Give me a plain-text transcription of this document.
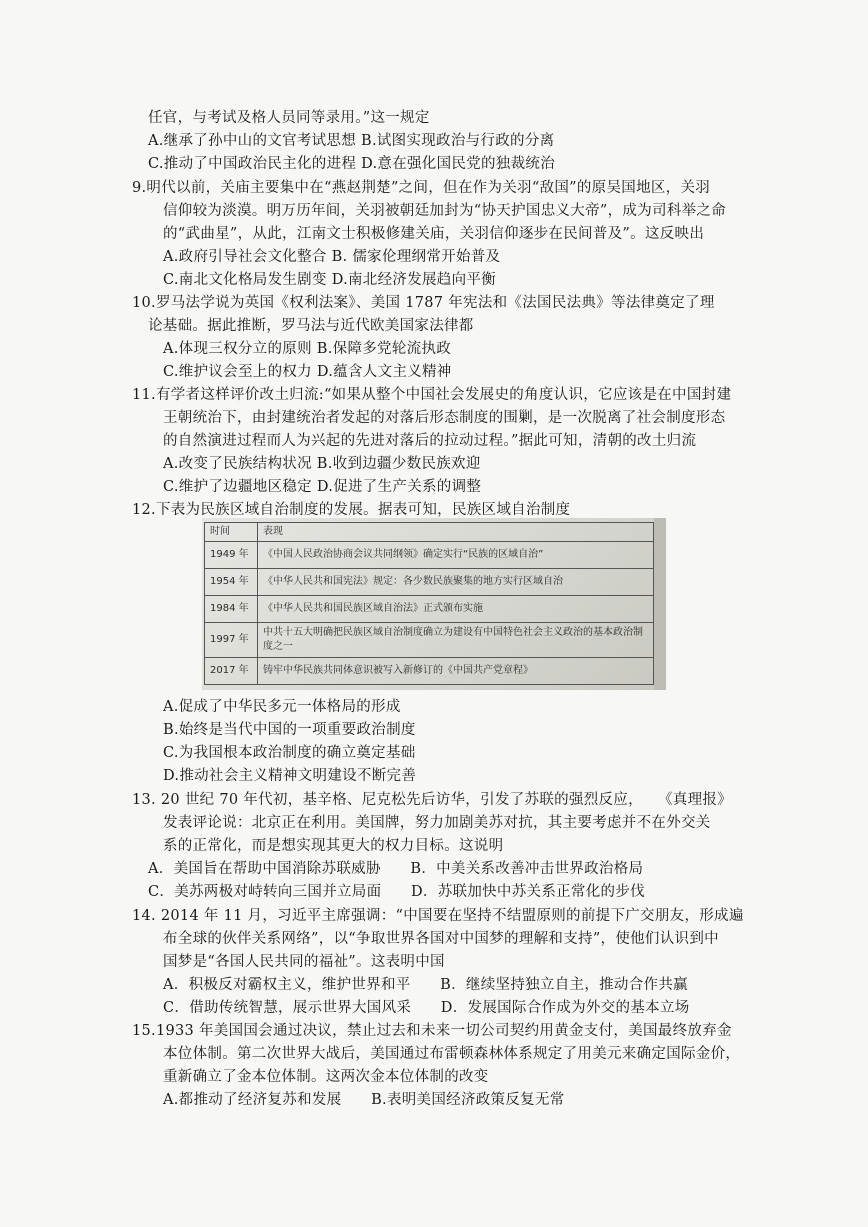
任官，与考试及格人员同等录用。”这一规定
A.继承了孙中山的文官考试思想 B.试图实现政治与行政的分离
C.推动了中国政治民主化的进程 D.意在强化国民党的独裁统治
9.明代以前，关庙主要集中在“燕赵荆楚”之间，但在作为关羽“敌国”的原吴国地区，关羽
信仰较为淡漠。明万历年间，关羽被朝廷加封为“协天护国忠义大帝”，成为司科举之命
的“武曲星”，从此，江南文士积极修建关庙，关羽信仰逐步在民间普及”。这反映出
A.政府引导社会文化整合 B. 儒家伦理纲常开始普及
C.南北文化格局发生剧变 D.南北经济发展趋向平衡
10.罗马法学说为英国《权利法案》、美国 1787 年宪法和《法国民法典》等法律奠定了理
论基础。据此推断，罗马法与近代欧美国家法律都
A.体现三权分立的原则 B.保障多党轮流执政
C.维护议会至上的权力 D.蕴含人文主义精神
11.有学者这样评价改土归流:“如果从整个中国社会发展史的角度认识，它应该是在中国封建
王朝统治下，由封建统治者发起的对落后形态制度的围剿，是一次脱离了社会制度形态
的自然演进过程而人为兴起的先进对落后的拉动过程。”据此可知，清朝的改土归流
A.改变了民族结构状况 B.收到边疆少数民族欢迎
C.维护了边疆地区稳定 D.促进了生产关系的调整
12.下表为民族区域自治制度的发展。据表可知，民族区域自治制度
时间	表现
1949 年	《中国人民政治协商会议共同纲领》确定实行“民族的区域自治”
1954 年	《中华人民共和国宪法》规定：各少数民族聚集的地方实行区域自治
1984 年	《中华人民共和国民族区域自治法》正式颁布实施
1997 年	中共十五大明确把民族区域自治制度确立为建设有中国特色社会主义政治的基本政治制度之一
2017 年	铸牢中华民族共同体意识被写入新修订的《中国共产党章程》
A.促成了中华民多元一体格局的形成
B.始终是当代中国的一项重要政治制度
C.为我国根本政治制度的确立奠定基础
D.推动社会主义精神文明建设不断完善
13. 20 世纪 70 年代初，基辛格、尼克松先后访华，引发了苏联的强烈反应，　　《真理报》
发表评论说：北京正在利用。美国牌，努力加剧美苏对抗，其主要考虑并不在外交关
系的正常化，而是想实现其更大的权力目标。这说明
A．美国旨在帮助中国消除苏联威胁　　B．中美关系改善冲击世界政治格局
C．美苏两极对峙转向三国并立局面　　D．苏联加快中苏关系正常化的步伐
14. 2014 年 11 月，习近平主席强调：“中国要在坚持不结盟原则的前提下广交朋友，形成遍
布全球的伙伴关系网络”，以“争取世界各国对中国梦的理解和支持”，使他们认识到中
国梦是“各国人民共同的福祉”。这表明中国
A．积极反对霸权主义，维护世界和平　　B．继续坚持独立自主，推动合作共赢
C．借助传统智慧，展示世界大国风采　　D．发展国际合作成为外交的基本立场
15.1933 年美国国会通过决议，禁止过去和未来一切公司契约用黄金支付，美国最终放弃金
本位体制。第二次世界大战后，美国通过布雷顿森林体系规定了用美元来确定国际金价，
重新确立了金本位体制。这两次金本位体制的改变
A.都推动了经济复苏和发展　　B.表明美国经济政策反复无常
